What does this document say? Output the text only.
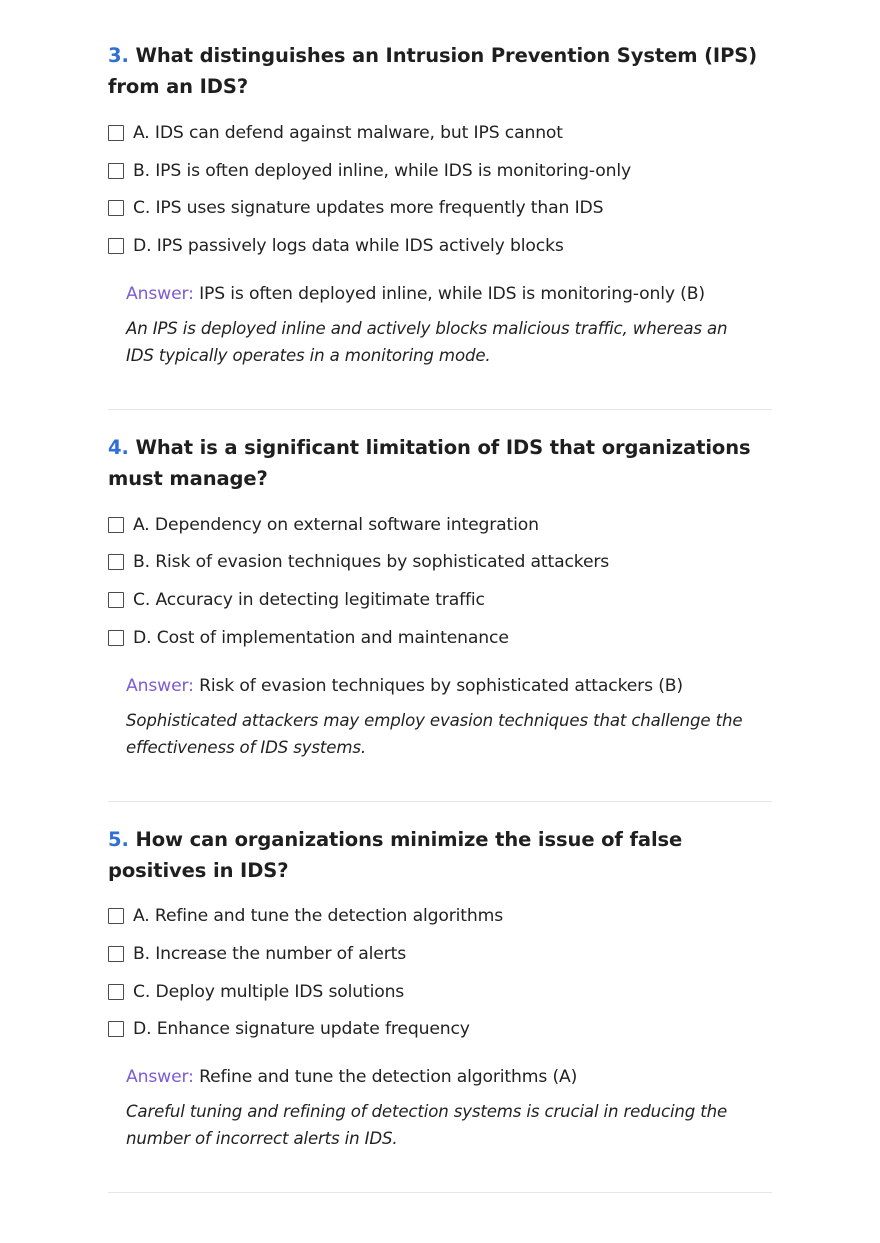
3. What distinguishes an Intrusion Prevention System (IPS) from an IDS?
A. IDS can defend against malware, but IPS cannot
B. IPS is often deployed inline, while IDS is monitoring-only
C. IPS uses signature updates more frequently than IDS
D. IPS passively logs data while IDS actively blocks
Answer: IPS is often deployed inline, while IDS is monitoring-only (B)
An IPS is deployed inline and actively blocks malicious traffic, whereas an IDS typically operates in a monitoring mode.
4. What is a significant limitation of IDS that organizations must manage?
A. Dependency on external software integration
B. Risk of evasion techniques by sophisticated attackers
C. Accuracy in detecting legitimate traffic
D. Cost of implementation and maintenance
Answer: Risk of evasion techniques by sophisticated attackers (B)
Sophisticated attackers may employ evasion techniques that challenge the effectiveness of IDS systems.
5. How can organizations minimize the issue of false positives in IDS?
A. Refine and tune the detection algorithms
B. Increase the number of alerts
C. Deploy multiple IDS solutions
D. Enhance signature update frequency
Answer: Refine and tune the detection algorithms (A)
Careful tuning and refining of detection systems is crucial in reducing the number of incorrect alerts in IDS.
